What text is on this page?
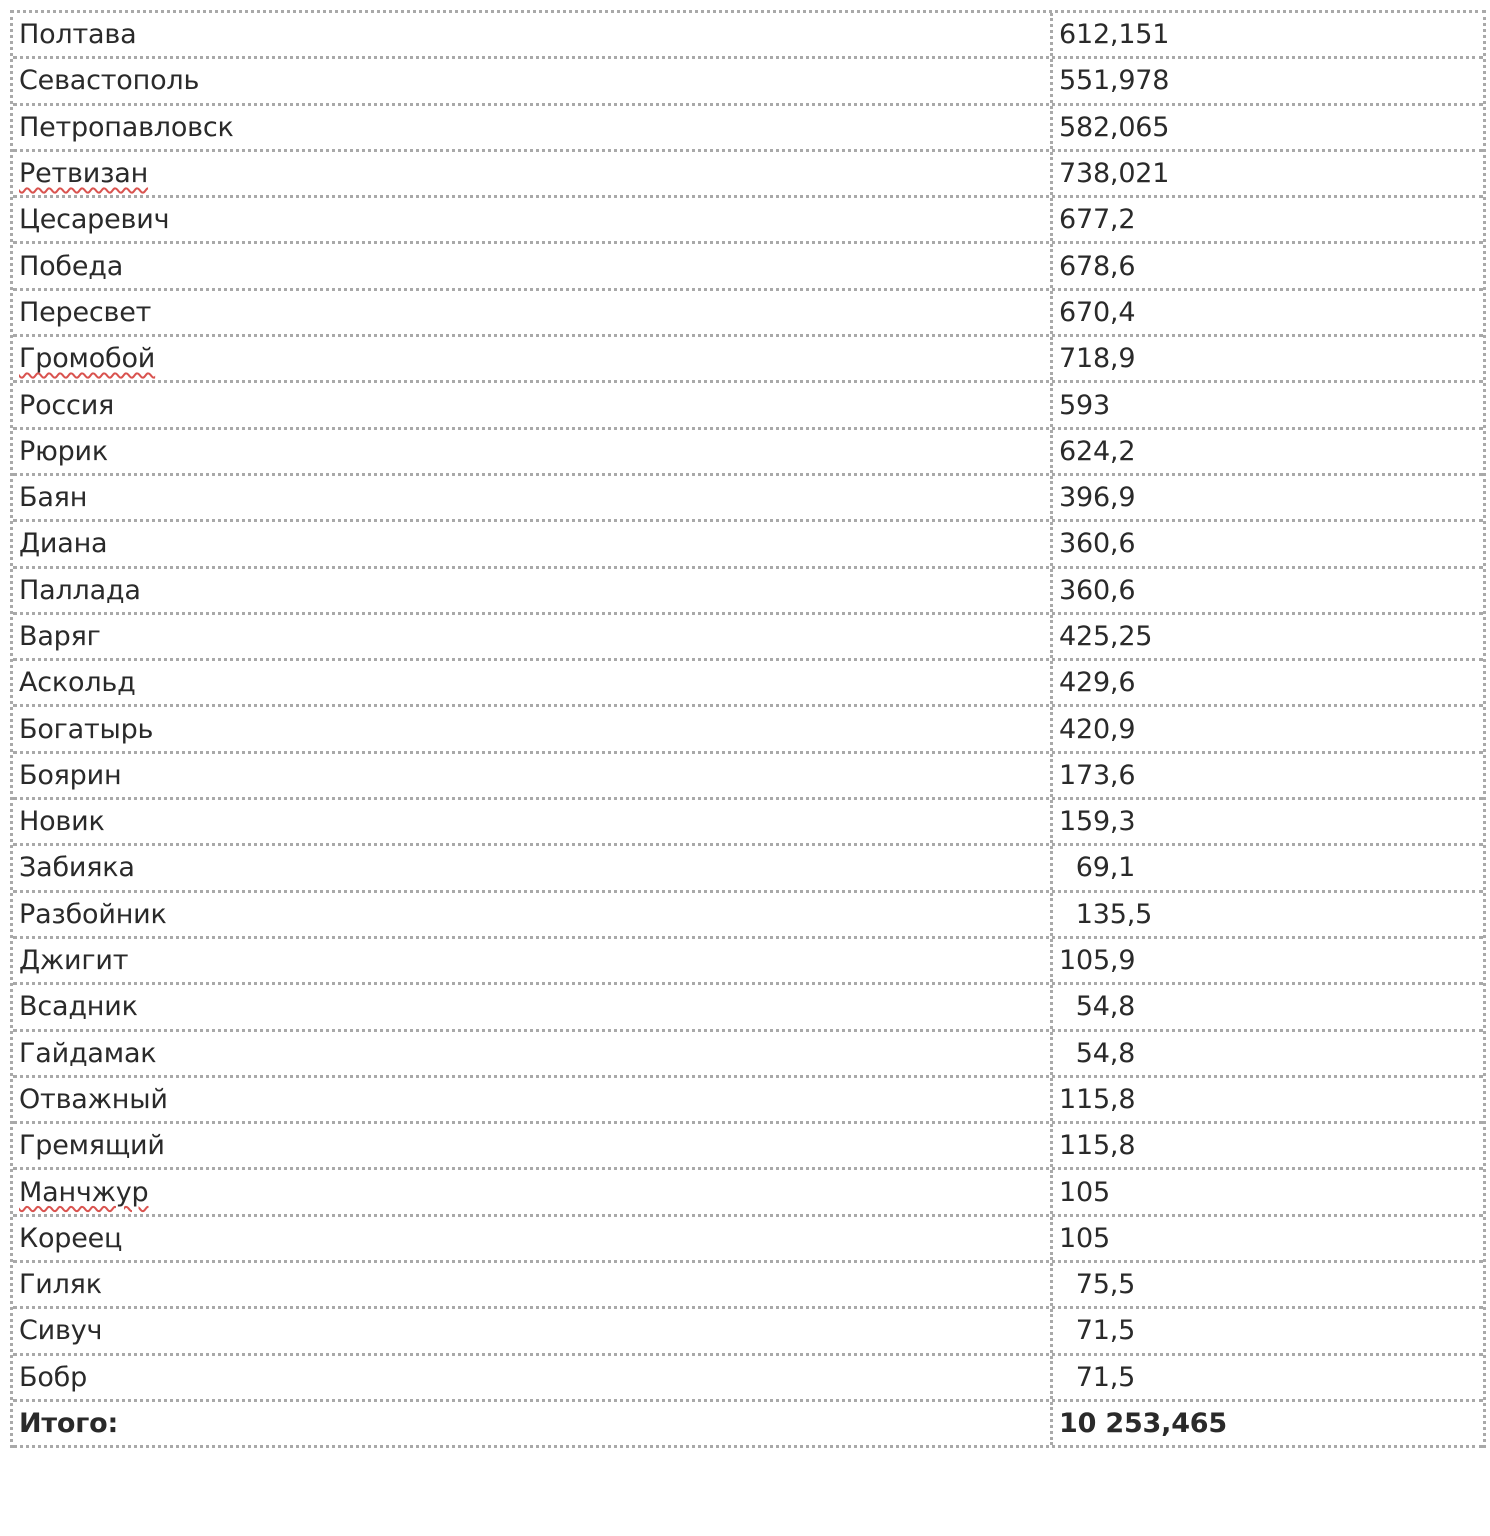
Полтава	612,151
Севастополь	551,978
Петропавловск	582,065
Ретвизан	738,021
Цесаревич	677,2
Победа	678,6
Пересвет	670,4
Громобой	718,9
Россия	593
Рюрик	624,2
Баян	396,9
Диана	360,6
Паллада	360,6
Варяг	425,25
Аскольд	429,6
Богатырь	420,9
Боярин	173,6
Новик	159,3
Забияка	69,1
Разбойник	135,5
Джигит	105,9
Всадник	54,8
Гайдамак	54,8
Отважный	115,8
Гремящий	115,8
Манчжур	105
Кореец	105
Гиляк	75,5
Сивуч	71,5
Бобр	71,5
Итого:	10 253,465
